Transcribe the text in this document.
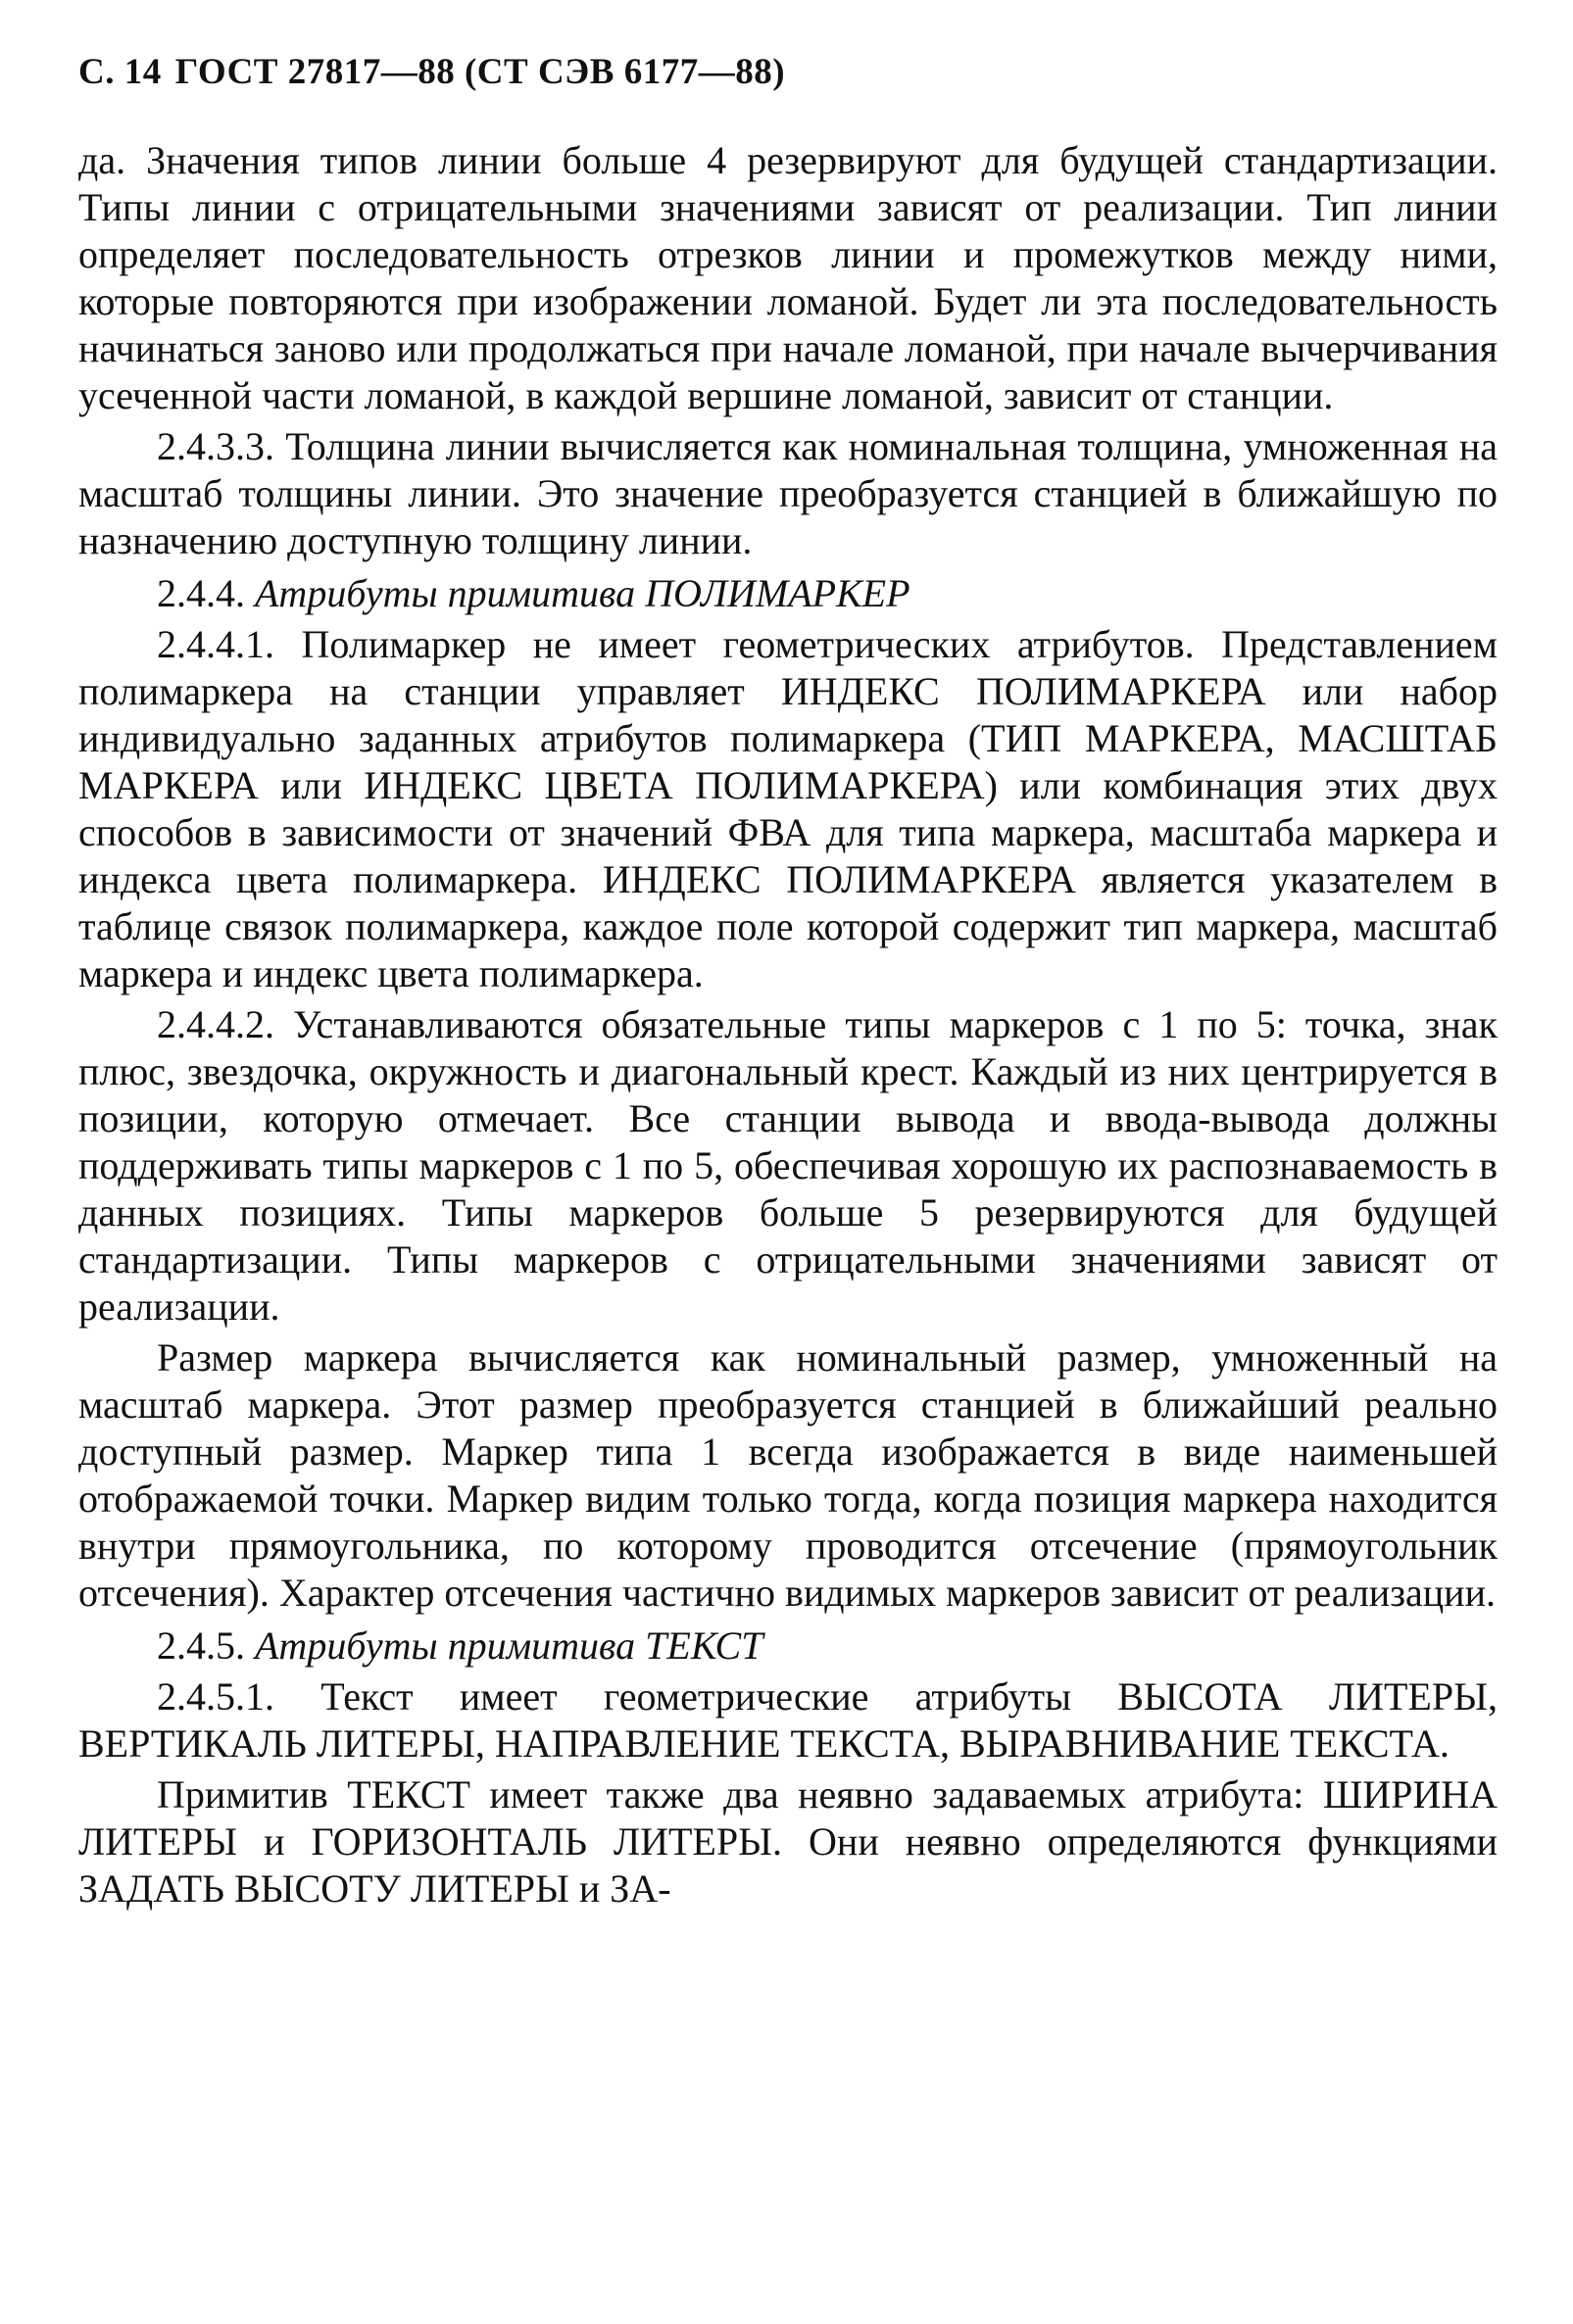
С. 14 ГОСТ 27817—88 (СТ СЭВ 6177—88)

да. Значения типов линии больше 4 резервируют для будущей стандартизации. Типы линии с отрицательными значениями зависят от реализации. Тип линии определяет последовательность отрезков линии и промежутков между ними, которые повторяются при изображении ломаной. Будет ли эта последовательность начинаться заново или продолжаться при начале ломаной, при начале вычерчивания усеченной части ломаной, в каждой вершине ломаной, зависит от станции.

2.4.3.3. Толщина линии вычисляется как номинальная толщина, умноженная на масштаб толщины линии. Это значение преобразуется станцией в ближайшую по назначению доступную толщину линии.

2.4.4. Атрибуты примитива ПОЛИМАРКЕР

2.4.4.1. Полимаркер не имеет геометрических атрибутов. Представлением полимаркера на станции управляет ИНДЕКС ПОЛИМАРКЕРА или набор индивидуально заданных атрибутов полимаркера (ТИП МАРКЕРА, МАСШТАБ МАРКЕРА или ИНДЕКС ЦВЕТА ПОЛИМАРКЕРА) или комбинация этих двух способов в зависимости от значений ФВА для типа маркера, масштаба маркера и индекса цвета полимаркера. ИНДЕКС ПОЛИМАРКЕРА является указателем в таблице связок полимаркера, каждое поле которой содержит тип маркера, масштаб маркера и индекс цвета полимаркера.

2.4.4.2. Устанавливаются обязательные типы маркеров с 1 по 5: точка, знак плюс, звездочка, окружность и диагональный крест. Каждый из них центрируется в позиции, которую отмечает. Все станции вывода и ввода-вывода должны поддерживать типы маркеров с 1 по 5, обеспечивая хорошую их распознаваемость в данных позициях. Типы маркеров больше 5 резервируются для будущей стандартизации. Типы маркеров с отрицательными значениями зависят от реализации.

Размер маркера вычисляется как номинальный размер, умноженный на масштаб маркера. Этот размер преобразуется станцией в ближайший реально доступный размер. Маркер типа 1 всегда изображается в виде наименьшей отображаемой точки. Маркер видим только тогда, когда позиция маркера находится внутри прямоугольника, по которому проводится отсечение (прямоугольник отсечения). Характер отсечения частично видимых маркеров зависит от реализации.

2.4.5. Атрибуты примитива ТЕКСТ

2.4.5.1. Текст имеет геометрические атрибуты ВЫСОТА ЛИТЕРЫ, ВЕРТИКАЛЬ ЛИТЕРЫ, НАПРАВЛЕНИЕ ТЕКСТА, ВЫРАВНИВАНИЕ ТЕКСТА.

Примитив ТЕКСТ имеет также два неявно задаваемых атрибута: ШИРИНА ЛИТЕРЫ и ГОРИЗОНТАЛЬ ЛИТЕРЫ. Они неявно определяются функциями ЗАДАТЬ ВЫСОТУ ЛИТЕРЫ и ЗА-
